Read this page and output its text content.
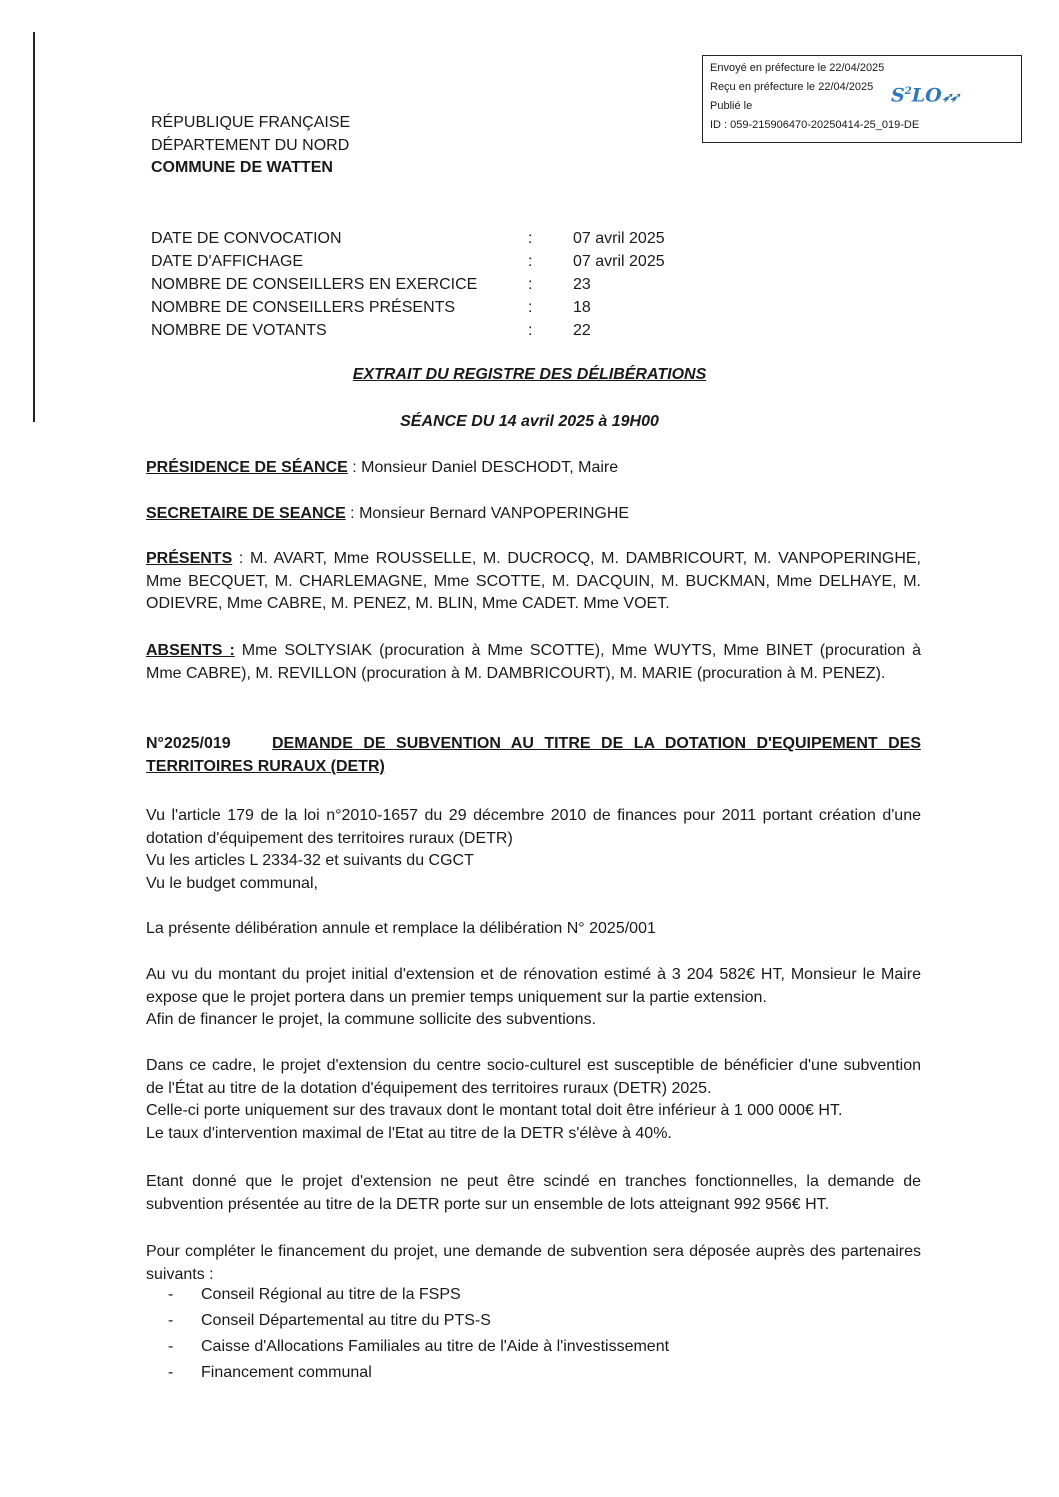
Envoyé en préfecture le 22/04/2025
Reçu en préfecture le 22/04/2025
Publié le
ID : 059-215906470-20250414-25_019-DE
$S^2LO➶➶$
RÉPUBLIQUE FRANÇAISE
DÉPARTEMENT DU NORD
COMMUNE DE WATTEN
DATE DE CONVOCATION	:	07 avril 2025
DATE D'AFFICHAGE	:	07 avril 2025
NOMBRE DE CONSEILLERS EN EXERCICE	:	23
NOMBRE DE CONSEILLERS PRÉSENTS	:	18
NOMBRE DE VOTANTS	:	22
EXTRAIT DU REGISTRE DES DÉLIBÉRATIONS
SÉANCE DU 14 avril 2025 à 19H00
PRÉSIDENCE DE SÉANCE : Monsieur Daniel DESCHODT, Maire
SECRETAIRE DE SEANCE : Monsieur Bernard VANPOPERINGHE
PRÉSENTS : M. AVART, Mme ROUSSELLE, M. DUCROCQ, M. DAMBRICOURT, M. VANPOPERINGHE, Mme BECQUET, M. CHARLEMAGNE, Mme SCOTTE, M. DACQUIN, M. BUCKMAN, Mme DELHAYE, M. ODIEVRE, Mme CABRE, M. PENEZ, M. BLIN, Mme CADET. Mme VOET.
ABSENTS : Mme SOLTYSIAK (procuration à Mme SCOTTE), Mme WUYTS, Mme BINET (procuration à Mme CABRE), M. REVILLON (procuration à M. DAMBRICOURT), M. MARIE (procuration à M. PENEZ).
N°2025/019	DEMANDE DE SUBVENTION AU TITRE DE LA DOTATION D'EQUIPEMENT DES TERRITOIRES RURAUX (DETR)
Vu l'article 179 de la loi n°2010-1657 du 29 décembre 2010 de finances pour 2011 portant création d'une dotation d'équipement des territoires ruraux (DETR)
Vu les articles L 2334-32 et suivants du CGCT
Vu le budget communal,
La présente délibération annule et remplace la délibération N° 2025/001
Au vu du montant du projet initial d'extension et de rénovation estimé à 3 204 582€ HT, Monsieur le Maire expose que le projet portera dans un premier temps uniquement sur la partie extension.
Afin de financer le projet, la commune sollicite des subventions.
Dans ce cadre, le projet d'extension du centre socio-culturel est susceptible de bénéficier d'une subvention de l'État au titre de la dotation d'équipement des territoires ruraux (DETR) 2025.
Celle-ci porte uniquement sur des travaux dont le montant total doit être inférieur à 1 000 000€ HT.
Le taux d'intervention maximal de l'Etat au titre de la DETR s'élève à 40%.
Etant donné que le projet d'extension ne peut être scindé en tranches fonctionnelles, la demande de subvention présentée au titre de la DETR porte sur un ensemble de lots atteignant 992 956€ HT.
Pour compléter le financement du projet, une demande de subvention sera déposée auprès des partenaires suivants :
- Conseil Régional au titre de la FSPS
- Conseil Départemental au titre du PTS-S
- Caisse d'Allocations Familiales au titre de l'Aide à l'investissement
- Financement communal
